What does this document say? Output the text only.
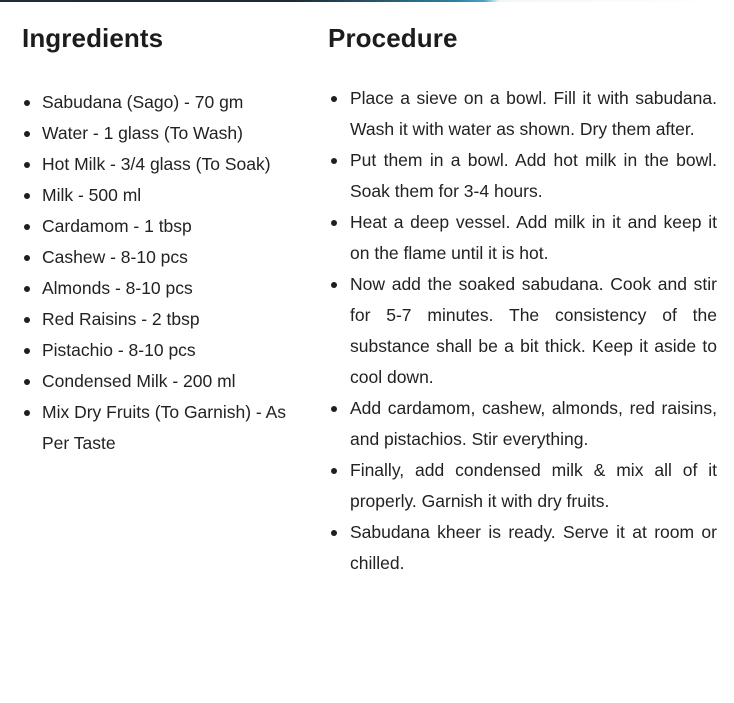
Ingredients
Sabudana (Sago) - 70 gm
Water - 1 glass (To Wash)
Hot Milk - 3/4 glass (To Soak)
Milk - 500 ml
Cardamom - 1 tbsp
Cashew - 8-10 pcs
Almonds - 8-10 pcs
Red Raisins - 2 tbsp
Pistachio - 8-10 pcs
Condensed Milk - 200 ml
Mix Dry Fruits (To Garnish) - As Per Taste
Procedure
Place a sieve on a bowl. Fill it with sabudana. Wash it with water as shown. Dry them after.
Put them in a bowl. Add hot milk in the bowl. Soak them for 3-4 hours.
Heat a deep vessel. Add milk in it and keep it on the flame until it is hot.
Now add the soaked sabudana. Cook and stir for 5-7 minutes. The consistency of the substance shall be a bit thick. Keep it aside to cool down.
Add cardamom, cashew, almonds, red raisins, and pistachios. Stir everything.
Finally, add condensed milk & mix all of it properly. Garnish it with dry fruits.
Sabudana kheer is ready. Serve it at room or chilled.
